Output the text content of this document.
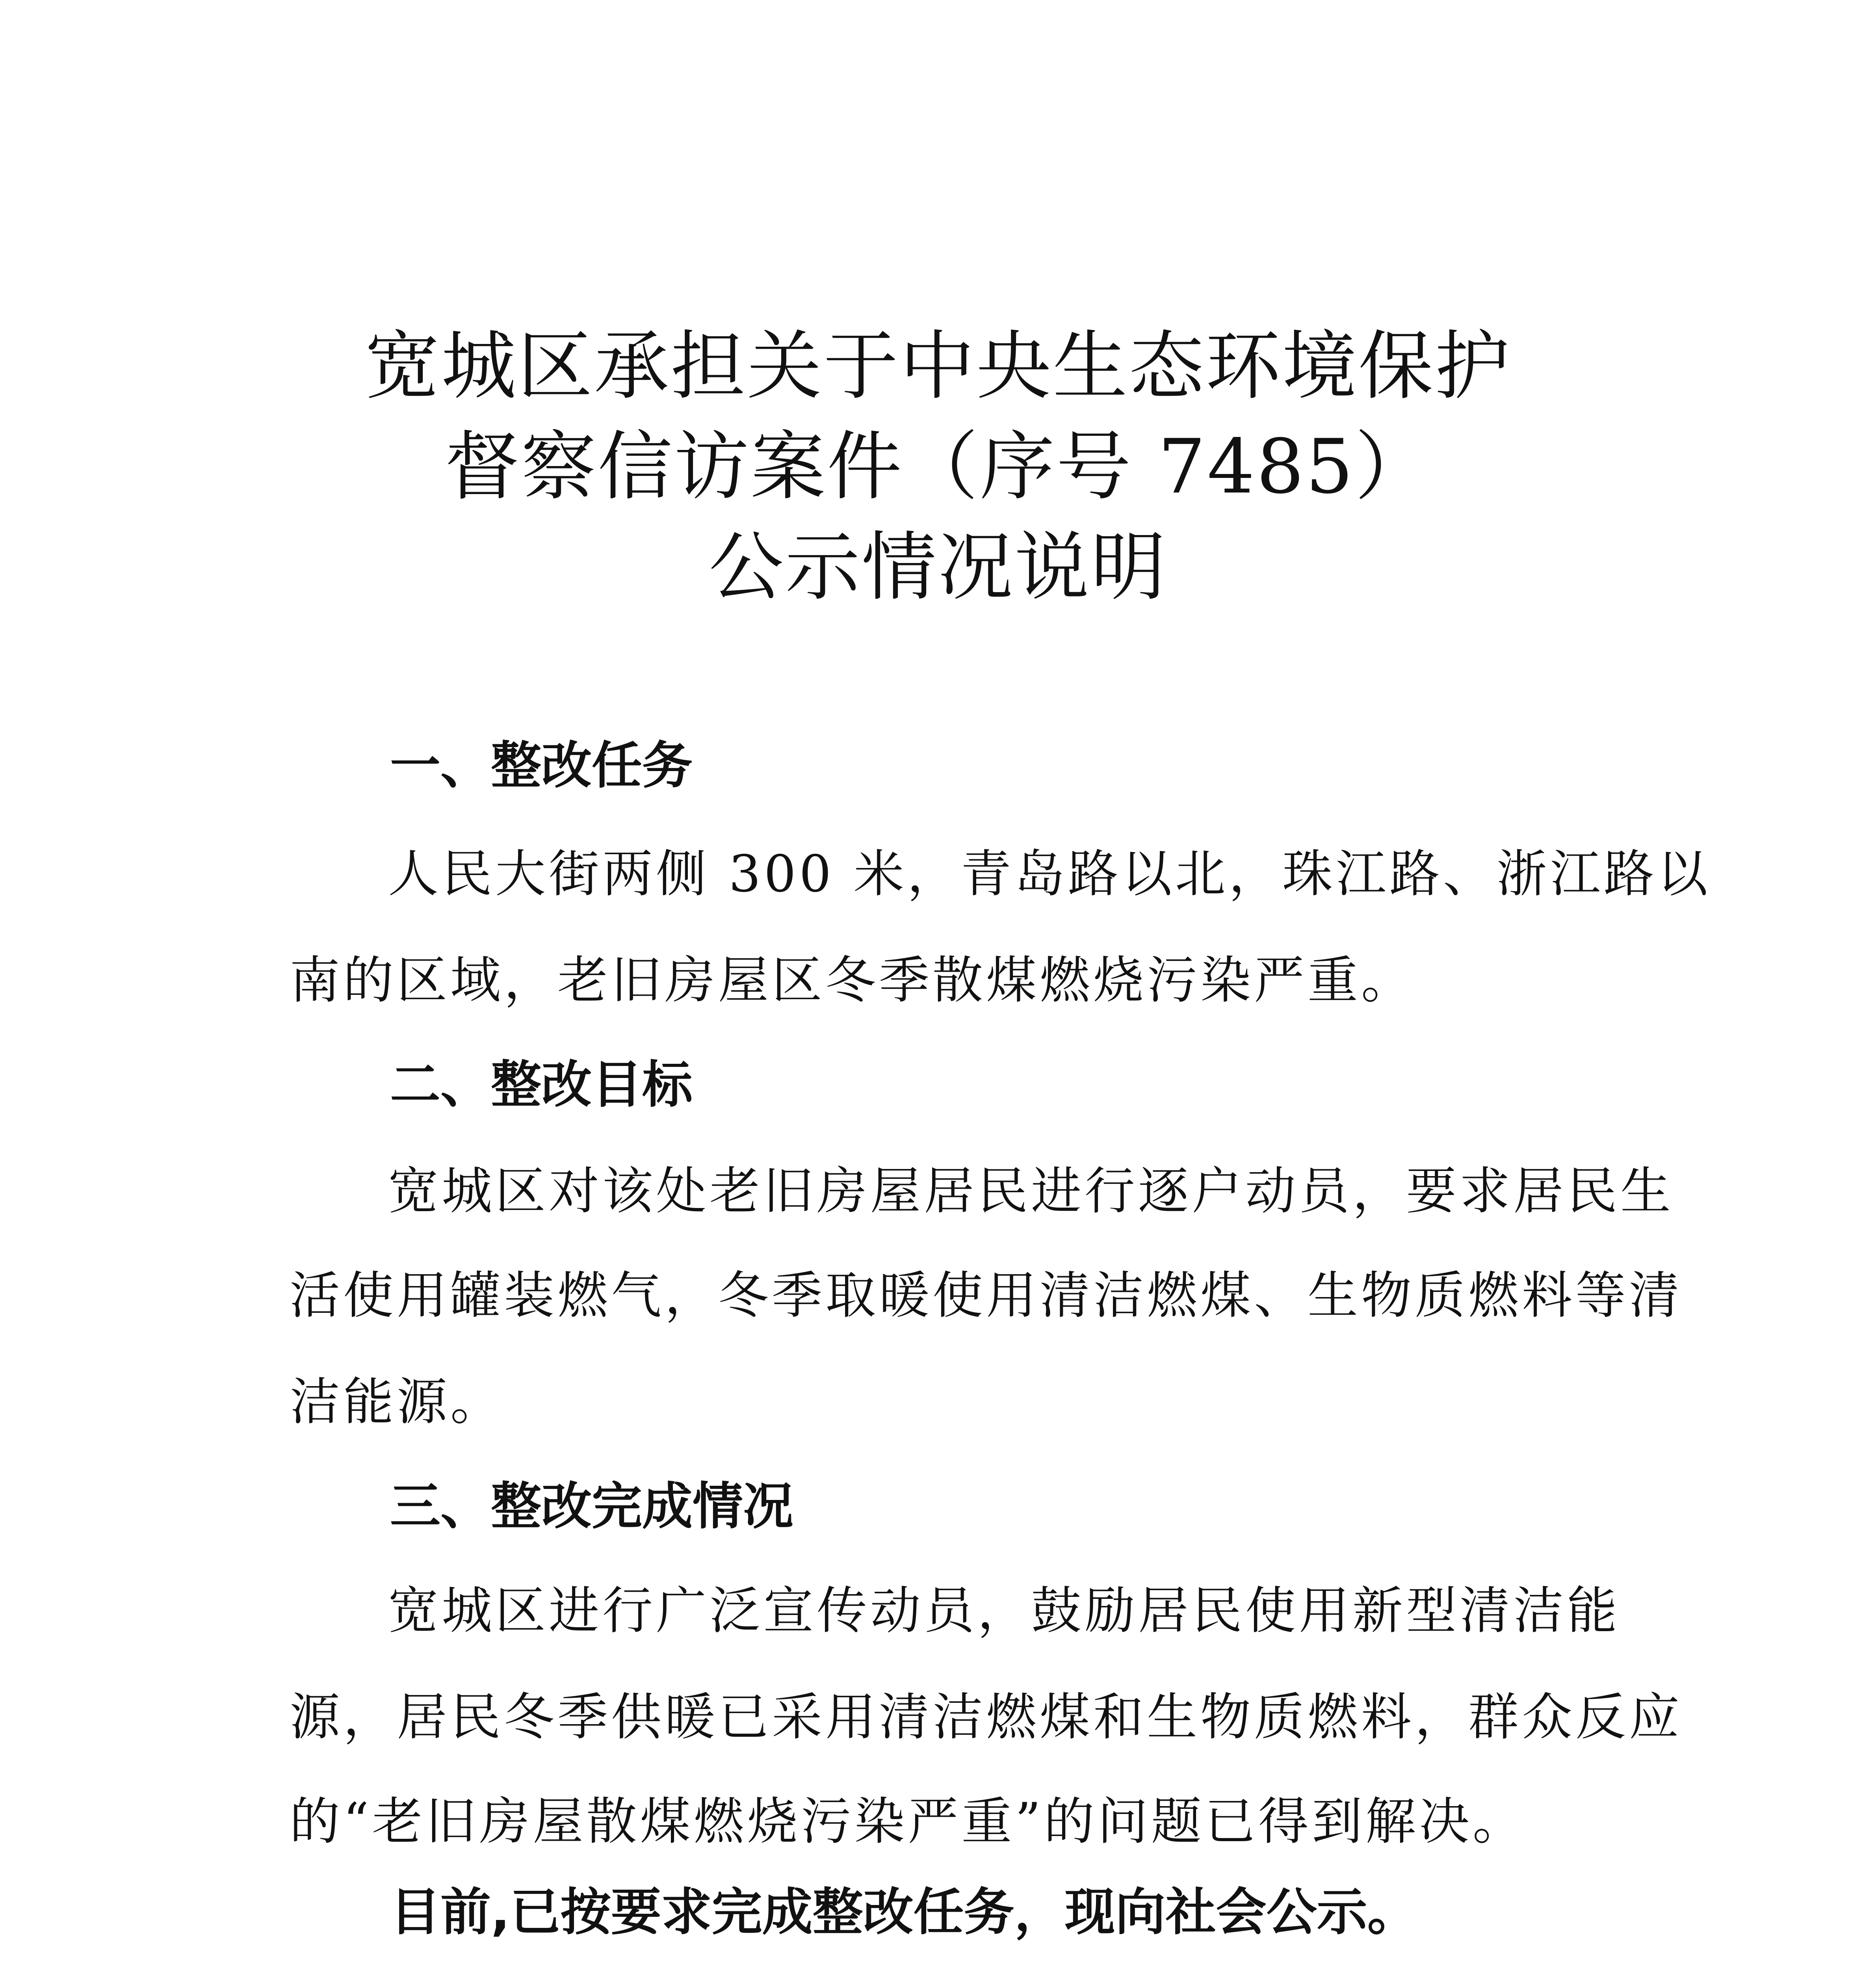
宽城区承担关于中央生态环境保护
督察信访案件（序号 7485）
公示情况说明
一、整改任务
人民大街两侧 300 米，青岛路以北，珠江路、浙江路以
南的区域，老旧房屋区冬季散煤燃烧污染严重。
二、整改目标
宽城区对该处老旧房屋居民进行逐户动员，要求居民生
活使用罐装燃气，冬季取暖使用清洁燃煤、生物质燃料等清
洁能源。
三、整改完成情况
宽城区进行广泛宣传动员，鼓励居民使用新型清洁能
源，居民冬季供暖已采用清洁燃煤和生物质燃料，群众反应
的“老旧房屋散煤燃烧污染严重”的问题已得到解决。
目前,已按要求完成整改任务，现向社会公示。
